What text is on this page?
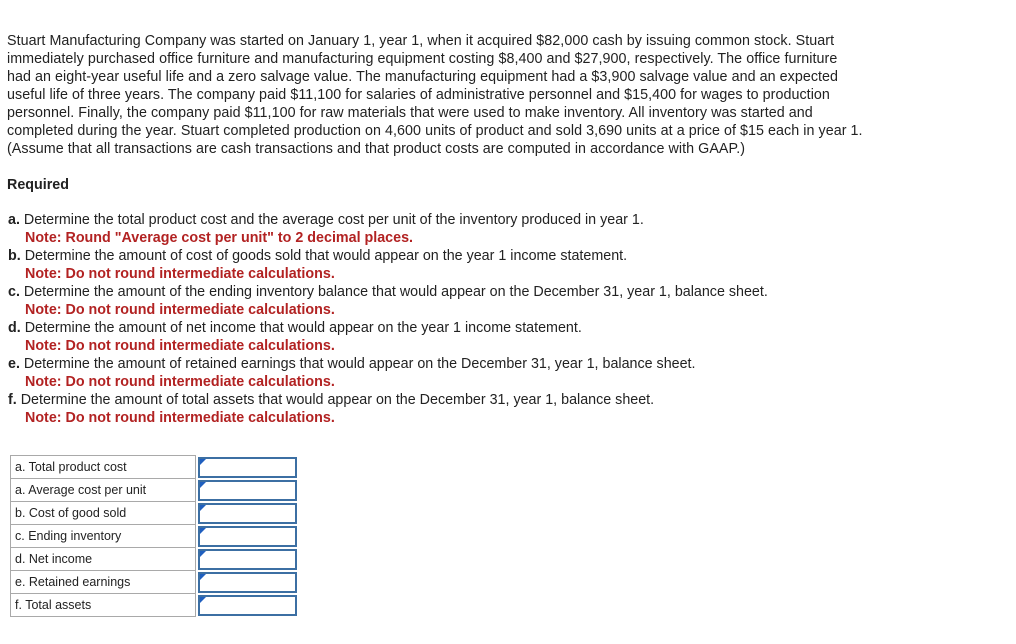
Stuart Manufacturing Company was started on January 1, year 1, when it acquired $82,000 cash by issuing common stock. Stuart
immediately purchased office furniture and manufacturing equipment costing $8,400 and $27,900, respectively. The office furniture
had an eight-year useful life and a zero salvage value. The manufacturing equipment had a $3,900 salvage value and an expected
useful life of three years. The company paid $11,100 for salaries of administrative personnel and $15,400 for wages to production
personnel. Finally, the company paid $11,100 for raw materials that were used to make inventory. All inventory was started and
completed during the year. Stuart completed production on 4,600 units of product and sold 3,690 units at a price of $15 each in year 1.
(Assume that all transactions are cash transactions and that product costs are computed in accordance with GAAP.)
Required
a. Determine the total product cost and the average cost per unit of the inventory produced in year 1.
Note: Round "Average cost per unit" to 2 decimal places.
b. Determine the amount of cost of goods sold that would appear on the year 1 income statement.
Note: Do not round intermediate calculations.
c. Determine the amount of the ending inventory balance that would appear on the December 31, year 1, balance sheet.
Note: Do not round intermediate calculations.
d. Determine the amount of net income that would appear on the year 1 income statement.
Note: Do not round intermediate calculations.
e. Determine the amount of retained earnings that would appear on the December 31, year 1, balance sheet.
Note: Do not round intermediate calculations.
f. Determine the amount of total assets that would appear on the December 31, year 1, balance sheet.
Note: Do not round intermediate calculations.
a. Total product cost	

a. Average cost per unit	

b. Cost of good sold	

c. Ending inventory	

d. Net income	

e. Retained earnings	

f. Total assets	
